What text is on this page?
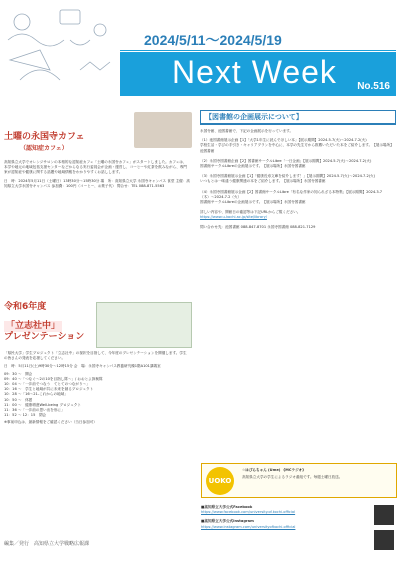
2024/5/11～2024/5/19
Next Week No.516
土曜の永国寺カフェ
（認知症カフェ）
高知県立大学でオレンジサロンの本格的な認知症カフェ「土曜の永国寺カフェ」がスタートしました。カフェは、本学や地元の地域包括支援センターなどからなる実行委員会が企画・運営し、コーヒーや紅茶を飲みながら、専門家が認知症や健康に関する話題や地域情報をわかりやすくお話しします。
日　時：2024年5月11日（土曜日）13時30分〜15時30分 場　所：高知県立大学 永国寺キャンパス 食堂 主催：高知県立大学永国寺キャンパス 参加費：100円（コーヒー、お菓子代） 問合せ：TEL 088-871-5563
令和6年度
「立志社中」
プレゼンテーション
「県民大学」学生プロジェクト「立志社中」の採択を目指して、今年度のプレゼンテーションを開催します。学生の皆さんの発表を応援してください。
日　時：5月11日(土)9時30分〜12時15分 会　場：永国寺キャンパス教養研究棟1階A101講義室
09：30 〜　開会
09：40 〜「つなぐ〜2の10を目指し隊〜」/ おおとよ探検隊
10：04 〜「一歩前でつなう　てとてのつながり〜」
10：16 〜　学生と地域が共に未来を創るプロジェクト
10：28 〜「16〜21-これからの地域」
10：50 〜　休憩
11：00 〜　健康増進Well-being プロジェクト
11：36 〜「一歩前の思い出を形に」
11：52 〜 12：15　閉会
※事前申込は、最新情報をご確認ください（当日参加可）
編集／発行　高知県立大学戦略広報課
【図書館の企画展示について】
永国寺館、池図書館で、下記の企画展示を行っています。
（1）池図書館展示企画【1】「大学1年生に読んでほしい本」【展示期間】2024.5.7(火)〜2024.7.2(火)
学校生活・学びの手引き・キャリアプランを中心に、本学の先生方から推薦いただいた本をご紹介します。【展示場所】池図書館
（2）永国寺図書館企画【2】図書館サークルLibre「一日企画」【展示期間】2024.5.7(火)〜2024.7.2(火)
図書館サークルLibreの企画展示です。【展示場所】永国寺図書館
（3）永国寺図書館展示企画【1】「健康長寿文庫を紹介します！」【展示期間】2024.5.7(火)〜2024.7.2(火)
いつもとは一味違う健康関連の本をご紹介します。【展示場所】永国寺図書館
（4）永国寺図書館展示企画【2】図書館サークルLibre「有名な作家の知られざる本特集」【展示期間】2024.3.7（木）〜2024.7.2（火）
図書館サークルLibreの企画展示です。【展示場所】永国寺図書館
詳しい内容や、開館日の確認等は下記URLからご覧ください。
https://www.u-kochi.ac.jp/site/library/
問い合わせ先：池図書館 088-847-8701 永国寺図書館 088-821-7129
UOKO
☆はぴらちゃん (Ume) 《MCラジオ》
高知県立大学の学生によるラジオ番組です。毎週土曜日放送。
■高知県立大学公式Facebook
https://www.facebook.com/university.of.kochi.official
■高知県立大学公式Instagram
https://www.instagram.com/universityofkochi.official
